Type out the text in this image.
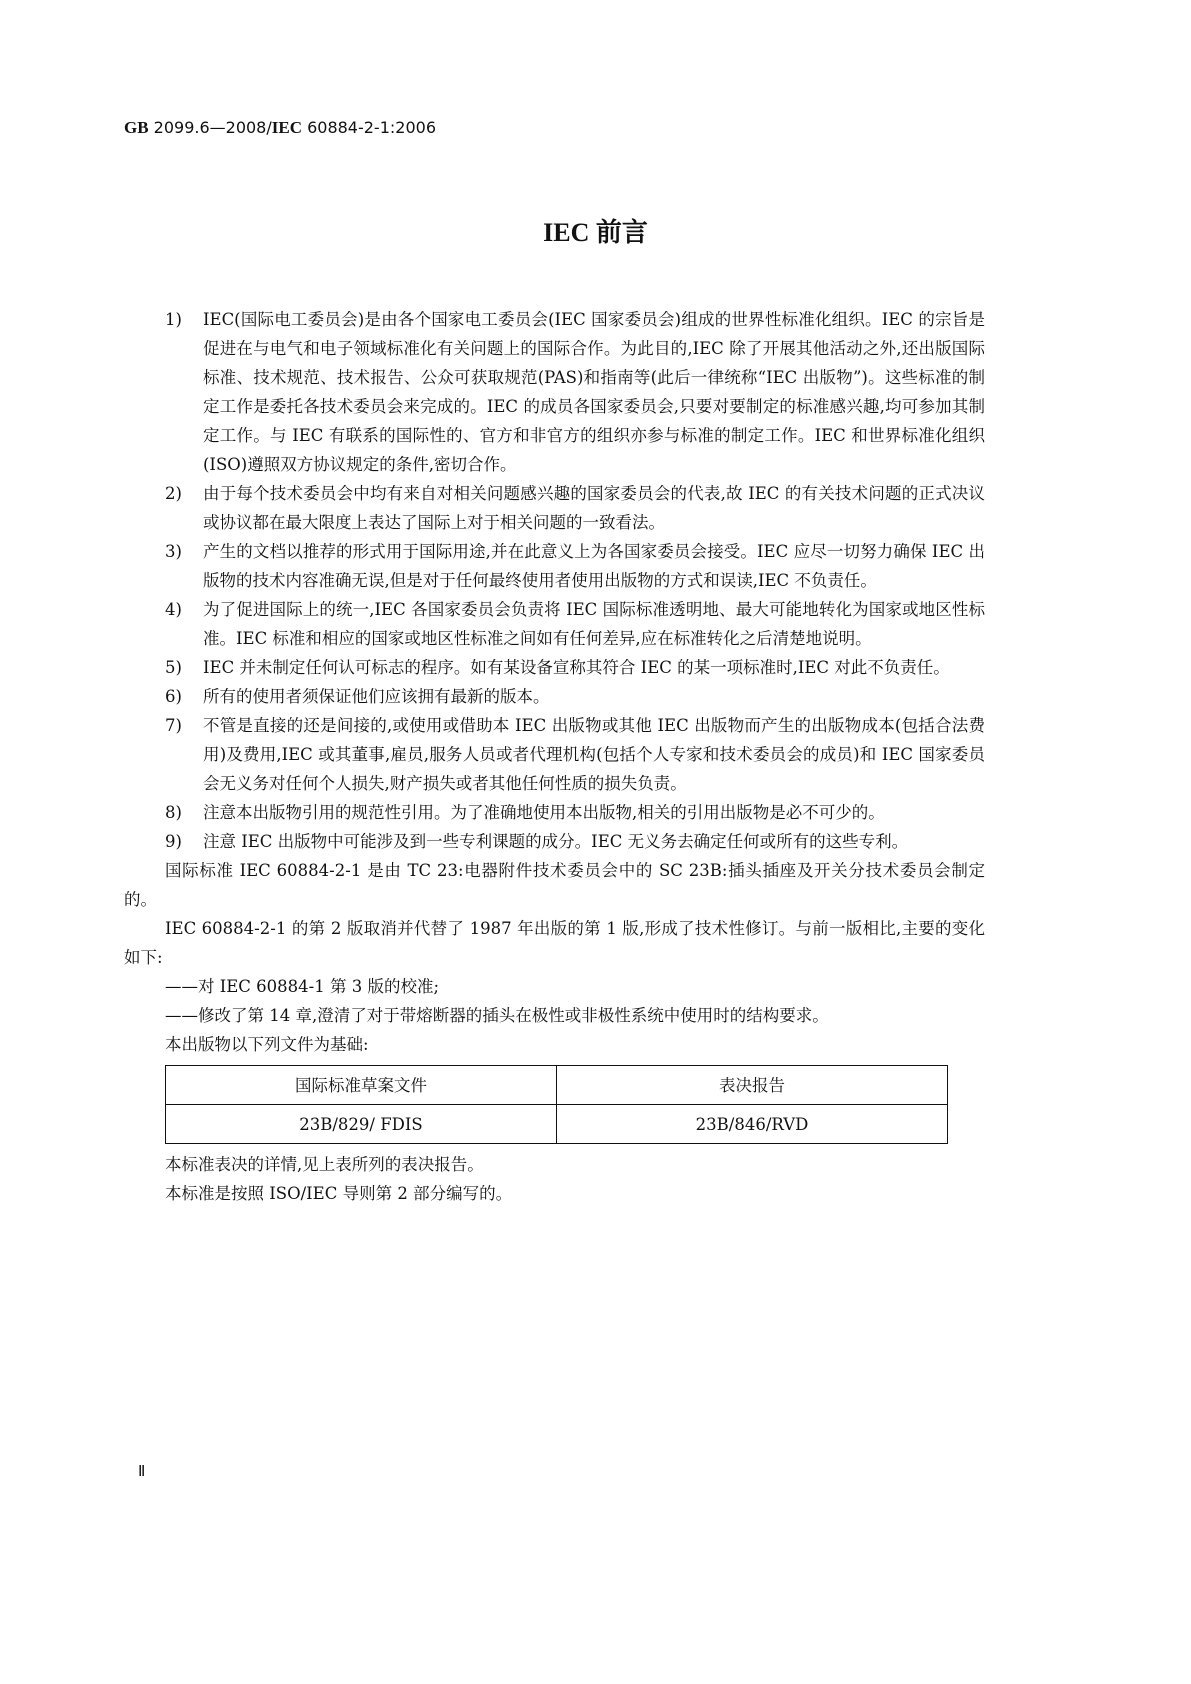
GB 2099.6—2008/IEC 60884-2-1:2006
IEC 前言
1)	IEC(国际电工委员会)是由各个国家电工委员会(IEC 国家委员会)组成的世界性标准化组织。IEC 的宗旨是促进在与电气和电子领域标准化有关问题上的国际合作。为此目的,IEC 除了开展其他活动之外,还出版国际标准、技术规范、技术报告、公众可获取规范(PAS)和指南等(此后一律统称“IEC 出版物”)。这些标准的制定工作是委托各技术委员会来完成的。IEC 的成员各国家委员会,只要对要制定的标准感兴趣,均可参加其制定工作。与 IEC 有联系的国际性的、官方和非官方的组织亦参与标准的制定工作。IEC 和世界标准化组织(ISO)遵照双方协议规定的条件,密切合作。
2)	由于每个技术委员会中均有来自对相关问题感兴趣的国家委员会的代表,故 IEC 的有关技术问题的正式决议或协议都在最大限度上表达了国际上对于相关问题的一致看法。
3)	产生的文档以推荐的形式用于国际用途,并在此意义上为各国家委员会接受。IEC 应尽一切努力确保 IEC 出版物的技术内容准确无误,但是对于任何最终使用者使用出版物的方式和误读,IEC 不负责任。
4)	为了促进国际上的统一,IEC 各国家委员会负责将 IEC 国际标准透明地、最大可能地转化为国家或地区性标准。IEC 标准和相应的国家或地区性标准之间如有任何差异,应在标准转化之后清楚地说明。
5)	IEC 并未制定任何认可标志的程序。如有某设备宣称其符合 IEC 的某一项标准时,IEC 对此不负责任。
6)	所有的使用者须保证他们应该拥有最新的版本。
7)	不管是直接的还是间接的,或使用或借助本 IEC 出版物或其他 IEC 出版物而产生的出版物成本(包括合法费用)及费用,IEC 或其董事,雇员,服务人员或者代理机构(包括个人专家和技术委员会的成员)和 IEC 国家委员会无义务对任何个人损失,财产损失或者其他任何性质的损失负责。
8)	注意本出版物引用的规范性引用。为了准确地使用本出版物,相关的引用出版物是必不可少的。
9)	注意 IEC 出版物中可能涉及到一些专利课题的成分。IEC 无义务去确定任何或所有的这些专利。
国际标准 IEC 60884-2-1 是由 TC 23:电器附件技术委员会中的 SC 23B:插头插座及开关分技术委员会制定的。
IEC 60884-2-1 的第 2 版取消并代替了 1987 年出版的第 1 版,形成了技术性修订。与前一版相比,主要的变化如下:
——对 IEC 60884-1 第 3 版的校准;
——修改了第 14 章,澄清了对于带熔断器的插头在极性或非极性系统中使用时的结构要求。
本出版物以下列文件为基础:
国际标准草案文件	表决报告
23B/829/ FDIS	23B/846/RVD
本标准表决的详情,见上表所列的表决报告。
本标准是按照 ISO/IEC 导则第 2 部分编写的。
Ⅱ
